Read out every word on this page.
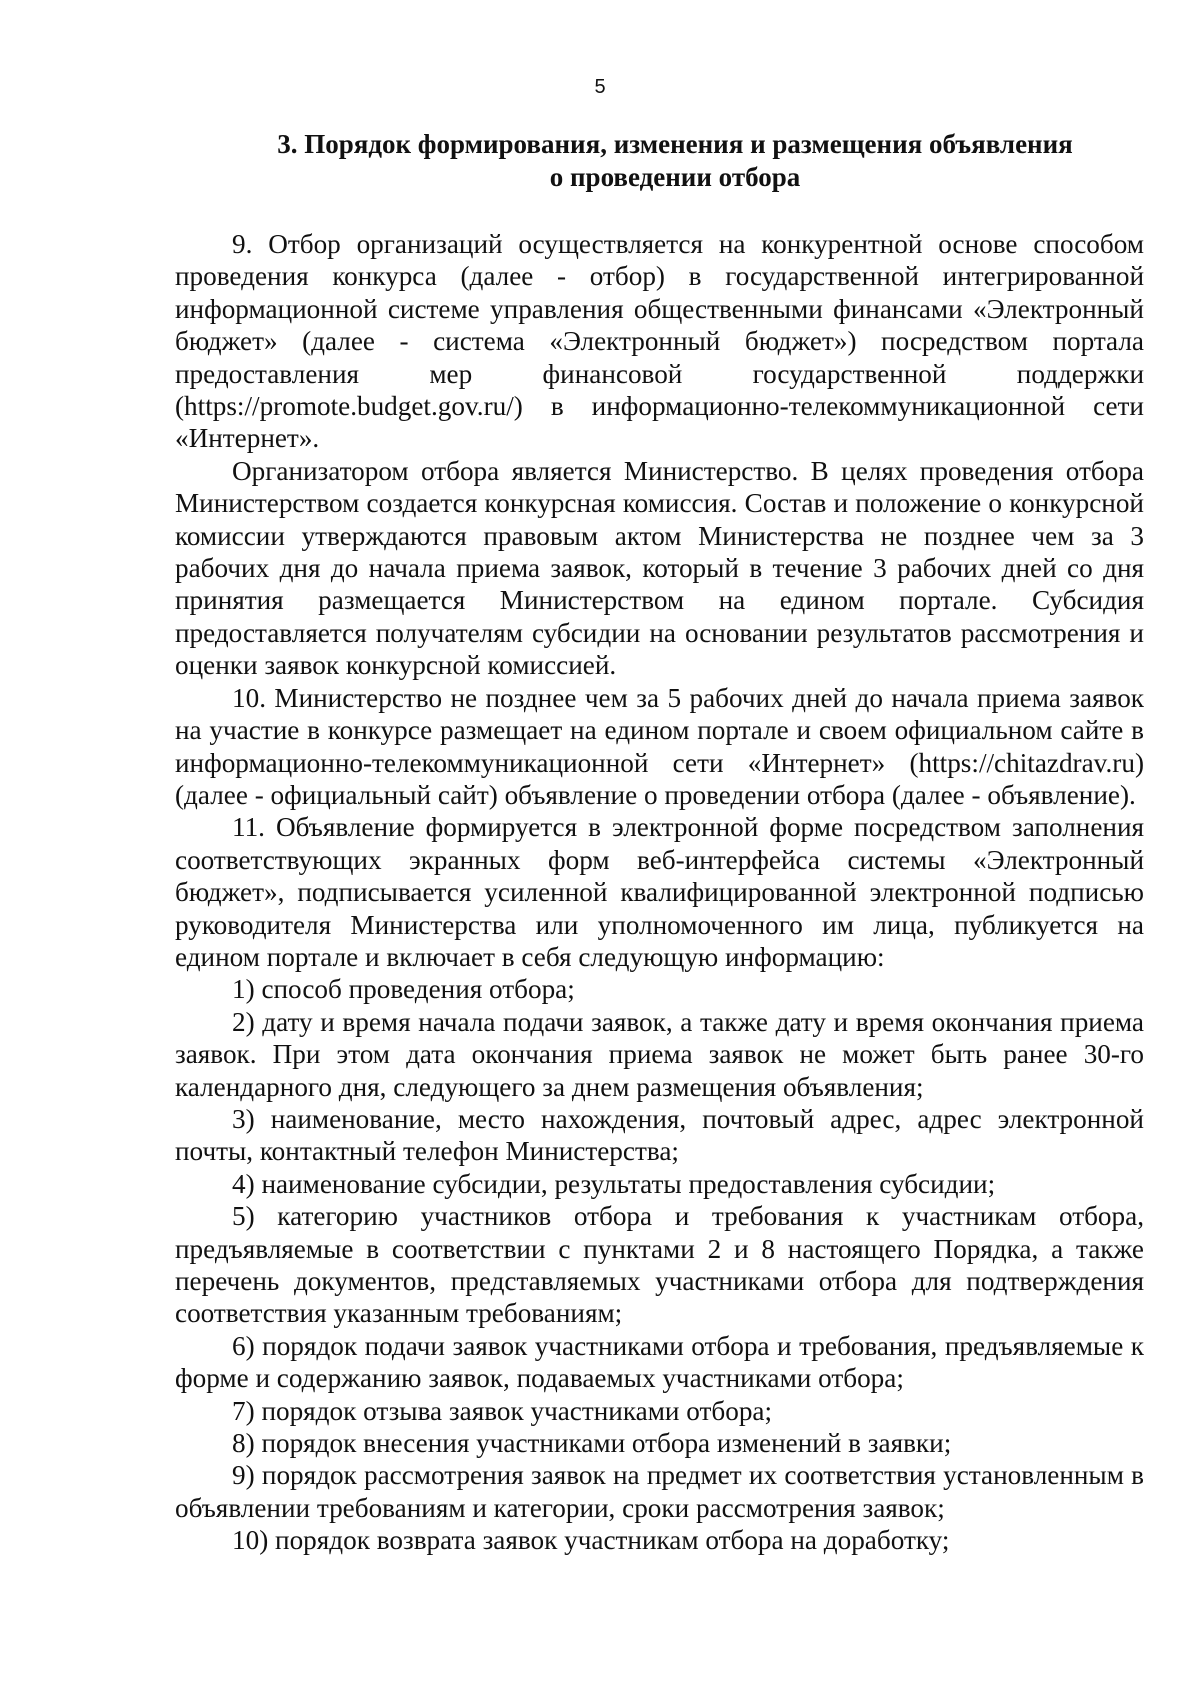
5
3. Порядок формирования, изменения и размещения объявления
о проведении отбора

9. Отбор организаций осуществляется на конкурентной основе способом проведения конкурса (далее - отбор) в государственной интегрированной информационной системе управления общественными финансами «Электронный бюджет» (далее - система «Электронный бюджет») посредством портала предоставления мер финансовой государственной поддержки (https://promote.budget.gov.ru/) в информационно-телекоммуникационной сети «Интернет».

Организатором отбора является Министерство. В целях проведения отбора Министерством создается конкурсная комиссия. Состав и положение о конкурсной комиссии утверждаются правовым актом Министерства не позднее чем за 3 рабочих дня до начала приема заявок, который в течение 3 рабочих дней со дня принятия размещается Министерством на едином портале. Субсидия предоставляется получателям субсидии на основании результатов рассмотрения и оценки заявок конкурсной комиссией.

10. Министерство не позднее чем за 5 рабочих дней до начала приема заявок на участие в конкурсе размещает на едином портале и своем официальном сайте в информационно-телекоммуникационной сети «Интернет» (https://chitazdrav.ru) (далее - официальный сайт) объявление о проведении отбора (далее - объявление).

11. Объявление формируется в электронной форме посредством заполнения соответствующих экранных форм веб-интерфейса системы «Электронный бюджет», подписывается усиленной квалифицированной электронной подписью руководителя Министерства или уполномоченного им лица, публикуется на едином портале и включает в себя следующую информацию:

1) способ проведения отбора;

2) дату и время начала подачи заявок, а также дату и время окончания приема заявок. При этом дата окончания приема заявок не может быть ранее 30-го календарного дня, следующего за днем размещения объявления;

3) наименование, место нахождения, почтовый адрес, адрес электронной почты, контактный телефон Министерства;

4) наименование субсидии, результаты предоставления субсидии;

5) категорию участников отбора и требования к участникам отбора, предъявляемые в соответствии с пунктами 2 и 8 настоящего Порядка, а также перечень документов, представляемых участниками отбора для подтверждения соответствия указанным требованиям;

6) порядок подачи заявок участниками отбора и требования, предъявляемые к форме и содержанию заявок, подаваемых участниками отбора;

7) порядок отзыва заявок участниками отбора;

8) порядок внесения участниками отбора изменений в заявки;

9) порядок рассмотрения заявок на предмет их соответствия установленным в объявлении требованиям и категории, сроки рассмотрения заявок;

10) порядок возврата заявок участникам отбора на доработку;
